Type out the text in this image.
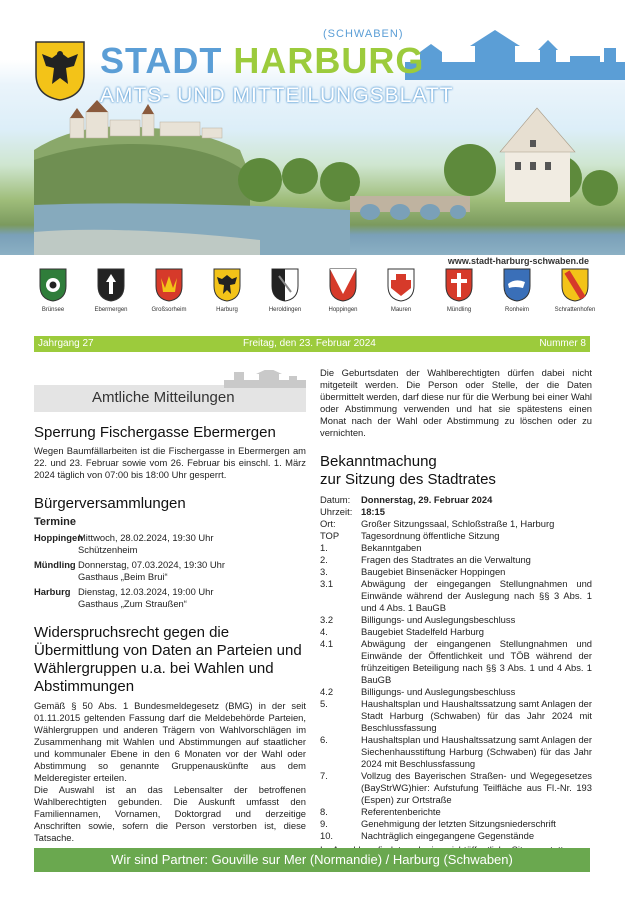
STADT HARBURG
(SCHWABEN)
AMTS- UND MITTEILUNGSBLATT
www.stadt-harburg-schwaben.de
Brünsee	Ebermergen	Großsorheim	Harburg	Heroldingen	Hoppingen	Mauren	Mündling	Ronheim	Schrattenhofen
Jahrgang 27	Freitag, den 23. Februar 2024	Nummer 8
Amtliche Mitteilungen
Sperrung Fischergasse Ebermergen

Wegen Baumfällarbeiten ist die Fischergasse in Ebermergen am 22. und 23. Februar sowie vom 26. Februar bis einschl. 1. März 2024 täglich von 07:00 bis 18:00 Uhr gesperrt.

Bürgerversammlungen
Termine
Hoppingen
Mittwoch, 28.02.2024, 19:30 Uhr
Schützenheim
Mündling Donnerstag, 07.03.2024, 19:30 Uhr
Gasthaus „Beim Brui“
Harburg Dienstag, 12.03.2024, 19:00 Uhr
Gasthaus „Zum Straußen“
Widerspruchsrecht gegen die Übermittlung von Daten an Parteien und Wählergruppen u.a. bei Wahlen und Abstimmungen

Gemäß § 50 Abs. 1 Bundesmeldegesetz (BMG) in der seit 01.11.2015 geltenden Fassung darf die Meldebehörde Parteien, Wählergruppen und anderen Trägern von Wahlvorschlägen im Zusammenhang mit Wahlen und Abstimmungen auf staatlicher und kommunaler Ebene in den 6 Monaten vor der Wahl oder Abstimmung so genannte Gruppenauskünfte aus dem Melderegister erteilen.

Die Auswahl ist an das Lebensalter der betroffenen Wahlberechtigten gebunden. Die Auskunft umfasst den Familiennamen, Vornamen, Doktorgrad und derzeitige Anschriften sowie, sofern die Person verstorben ist, diese Tatsache.

Die Geburtsdaten der Wahlberechtigten dürfen dabei nicht mitgeteilt werden. Die Person oder Stelle, der die Daten übermittelt werden, darf diese nur für die Werbung bei einer Wahl oder Abstimmung verwenden und hat sie spätestens einen Monat nach der Wahl oder Abstimmung zu löschen oder zu vernichten.

Bekanntmachung
zur Sitzung des Stadtrates
Datum:	Donnerstag, 29. Februar 2024
Uhrzeit: 18:15
Ort:	Großer Sitzungssaal, Schloßstraße 1, Harburg
TOP	Tagesordnung öffentliche Sitzung
1.	Bekanntgaben
2.	Fragen des Stadtrates an die Verwaltung
3.	Baugebiet Binsenäcker Hoppingen
3.1	Abwägung der eingegangen Stellungnahmen und Einwände während der Auslegung nach §§ 3 Abs. 1 und 4 Abs. 1 BauGB
3.2	Billigungs- und Auslegungsbeschluss
4.	Baugebiet Stadelfeld Harburg
4.1	Abwägung der eingangenen Stellungnahmen und Einwände der Öffentlichkeit und TÖB während der frühzeitigen Beteiligung nach §§ 3 Abs. 1 und 4 Abs. 1 BauGB
4.2	Billigungs- und Auslegungsbeschluss
5.	Haushaltsplan und Haushaltssatzung samt Anlagen der Stadt Harburg (Schwaben) für das Jahr 2024 mit Beschlussfassung
6.	Haushaltsplan und Haushaltssatzung samt Anlagen der Siechenhausstiftung Harburg (Schwaben) für das Jahr 2024 mit Beschlussfassung
7.	Vollzug des Bayerischen Straßen- und Wegegesetzes (BayStrWG)hier: Aufstufung Teilfläche aus Fl.-Nr. 193 (Espen) zur Ortstraße
8.	Referentenberichte
9.	Genehmigung der letzten Sitzungsniederschrift
10.	Nachträglich eingegangene Gegenstände

Wir sind Partner: Gouville sur Mer (Normandie) / Harburg (Schwaben)
